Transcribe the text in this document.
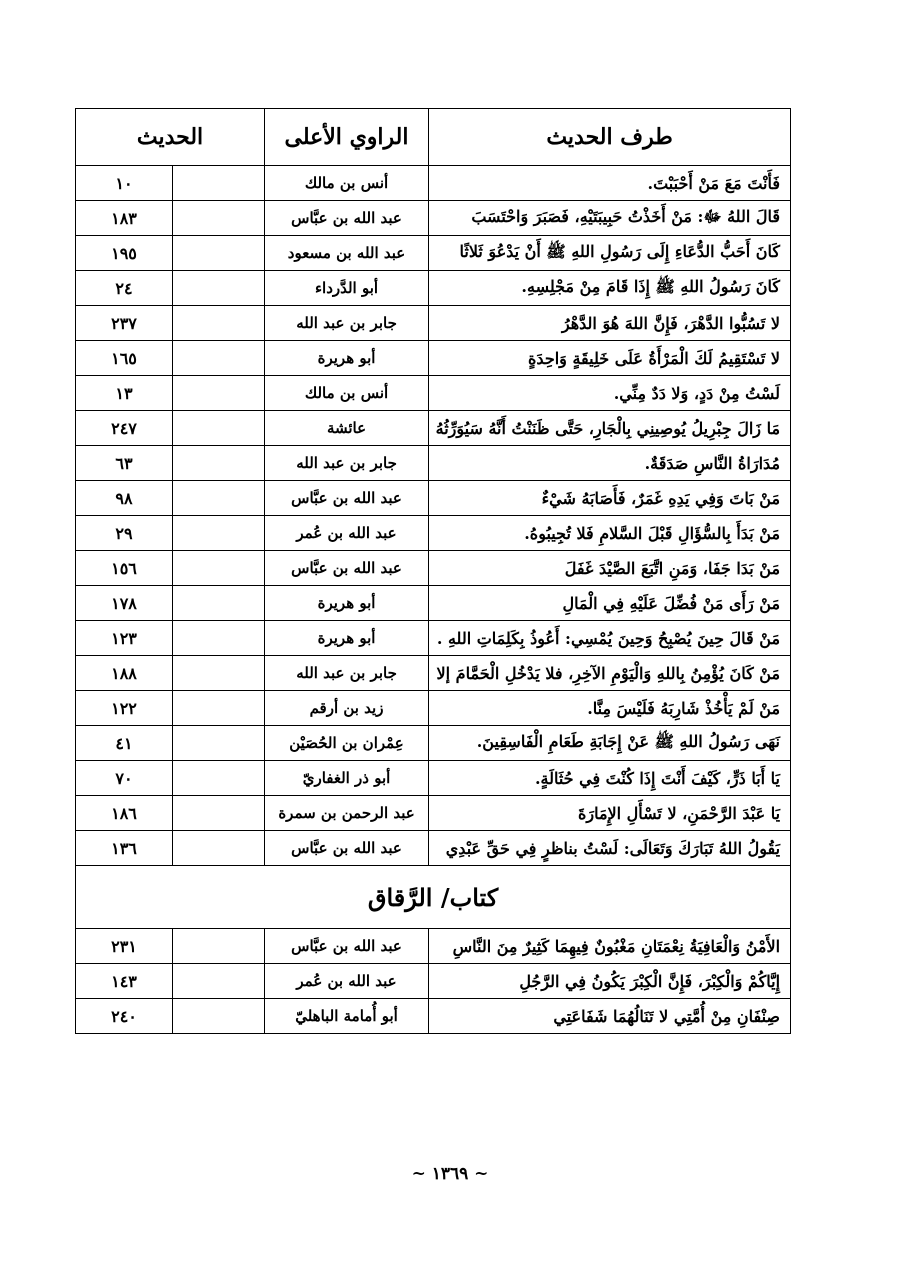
طرف الحديث	الراوي الأعلى	الحديث	
فَأَنْتَ مَعَ مَنْ أَحْبَبْتَ.	أنس بن مالك		١٠
قَالَ اللهُ ﷻ: مَنْ أَخَذْتُ حَبِيبَتَيْهِ، فَصَبَرَ وَاحْتَسَبَ	عبد الله بن عبَّاس		١٨٣
كَانَ أَحَبُّ الدُّعَاءِ إِلَى رَسُولِ اللهِ ﷺ أَنْ يَدْعُوَ ثَلاثًا	عبد الله بن مسعود		١٩٥
كَانَ رَسُولُ اللهِ ﷺ إِذَا قَامَ مِنْ مَجْلِسِهِ.	أبو الدَّرداء		٢٤
لا تَسُبُّوا الدَّهْرَ، فَإِنَّ اللهَ هُوَ الدَّهْرُ	جابر بن عبد الله		٢٣٧
لا تَسْتَقِيمُ لَكَ الْمَرْأَةُ عَلَى خَلِيقَةٍ وَاحِدَةٍ	أبو هريرة		١٦٥
لَسْتُ مِنْ دَدٍ، وَلا دَدٌ مِنِّي.	أنس بن مالك		١٣
مَا زَالَ جِبْرِيلُ يُوصِينِي بِالْجَارِ، حَتَّى ظَنَنْتُ أَنَّهُ سَيُوَرِّثُهُ	عائشة		٢٤٧
مُدَارَاةُ النَّاسِ صَدَقَةٌ.	جابر بن عبد الله		٦٣
مَنْ بَاتَ وَفِي يَدِهِ غَمَرٌ، فَأَصَابَهُ شَيْءٌ	عبد الله بن عبَّاس		٩٨
مَنْ بَدَأَ بِالسُّؤَالِ قَبْلَ السَّلامِ فَلا تُجِيبُوهُ.	عبد الله بن عُمر		٢٩
مَنْ بَدَا جَفَا، وَمَنِ اتَّبَعَ الصَّيْدَ غَفَلَ	عبد الله بن عبَّاس		١٥٦
مَنْ رَأَى مَنْ فُضِّلَ عَلَيْهِ فِي الْمَالِ	أبو هريرة		١٧٨
مَنْ قَالَ حِينَ يُصْبِحُ وَحِينَ يُمْسِي: أَعُوذُ بِكَلِمَاتِ اللهِ .	أبو هريرة		١٢٣
مَنْ كَانَ يُؤْمِنُ بِاللهِ وَالْيَوْمِ الآخِرِ، فلا يَدْخُلِ الْحَمَّامَ إلا	جابر بن عبد الله		١٨٨
مَنْ لَمْ يَأْخُذْ شَارِبَهُ فَلَيْسَ مِنَّا.	زيد بن أرقم		١٢٢
نَهَى رَسُولُ اللهِ ﷺ عَنْ إِجَابَةِ طَعَامِ الْفَاسِقِينَ.	عِمْران بن الحُصَيْن		٤١
يَا أَبَا ذَرٍّ، كَيْفَ أَنْتَ إِذَا كُنْتَ فِي حُثَالَةٍ.	أبو ذر الغفاريّ		٧٠
يَا عَبْدَ الرَّحْمَنِ، لا تَسْأَلِ الإِمَارَةَ	عبد الرحمن بن سمرة		١٨٦
يَقُولُ اللهُ تَبَارَكَ وَتَعَالَى: لَسْتُ بناظرٍ فِي حَقِّ عَبْدِي	عبد الله بن عبَّاس		١٣٦
كتاب/ الرَّقاق			
الأَمْنُ وَالْعَافِيَةُ نِعْمَتَانِ مَغْبُونٌ فِيهِمَا كَثِيرٌ مِنَ النَّاسِ	عبد الله بن عبَّاس		٢٣١
إِيَّاكُمْ وَالْكِبْرَ، فَإِنَّ الْكِبْرَ يَكُونُ فِي الرَّجُلِ	عبد الله بن عُمر		١٤٣
صِنْفَانِ مِنْ أُمَّتِي لا تَنَالُهُمَا شَفَاعَتِي	أبو أُمامة الباهليّ		٢٤٠
~ ١٣٦٩ ~
